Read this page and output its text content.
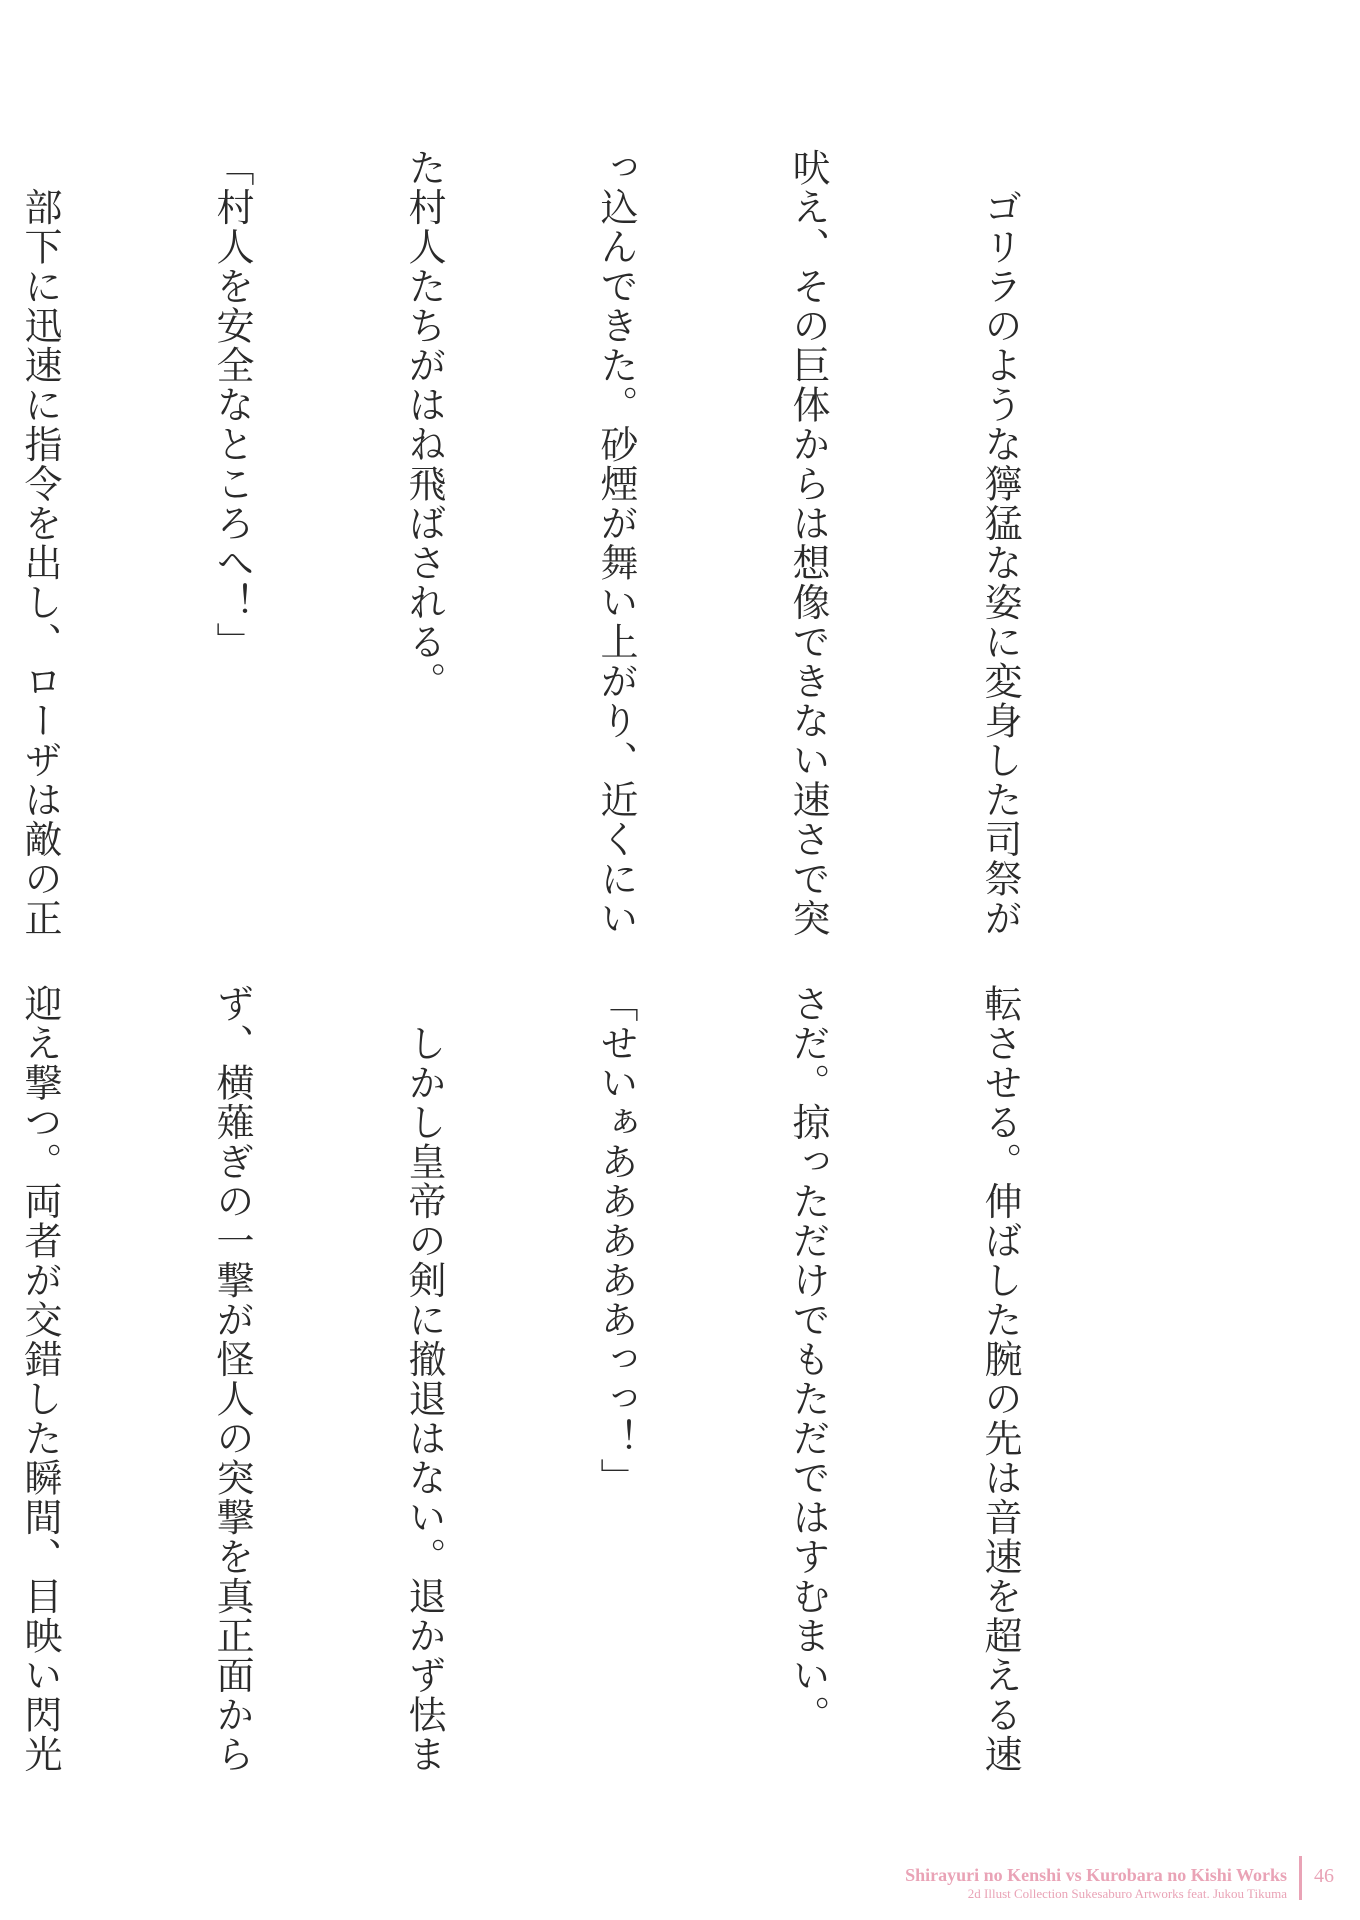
　ゴリラのような獰猛な姿に変身した司祭が

吠え、その巨体からは想像できない速さで突

っ込んできた。砂煙が舞い上がり、近くにい

た村人たちがはね飛ばされる。

「村人を安全なところへ！」

　部下に迅速に指令を出し、ローザは敵の正

転させる。伸ばした腕の先は音速を超える速

さだ。掠っただけでもただではすむまい。

「せいぁあああああっっ！」

　しかし皇帝の剣に撤退はない。退かず怯ま

ず、横薙ぎの一撃が怪人の突撃を真正面から

迎え撃つ。両者が交錯した瞬間、目映い閃光

Shirayuri no Kenshi vs Kurobara no Kishi Works
2d Illust Collection Sukesaburo Artworks feat. Jukou Tikuma
46
